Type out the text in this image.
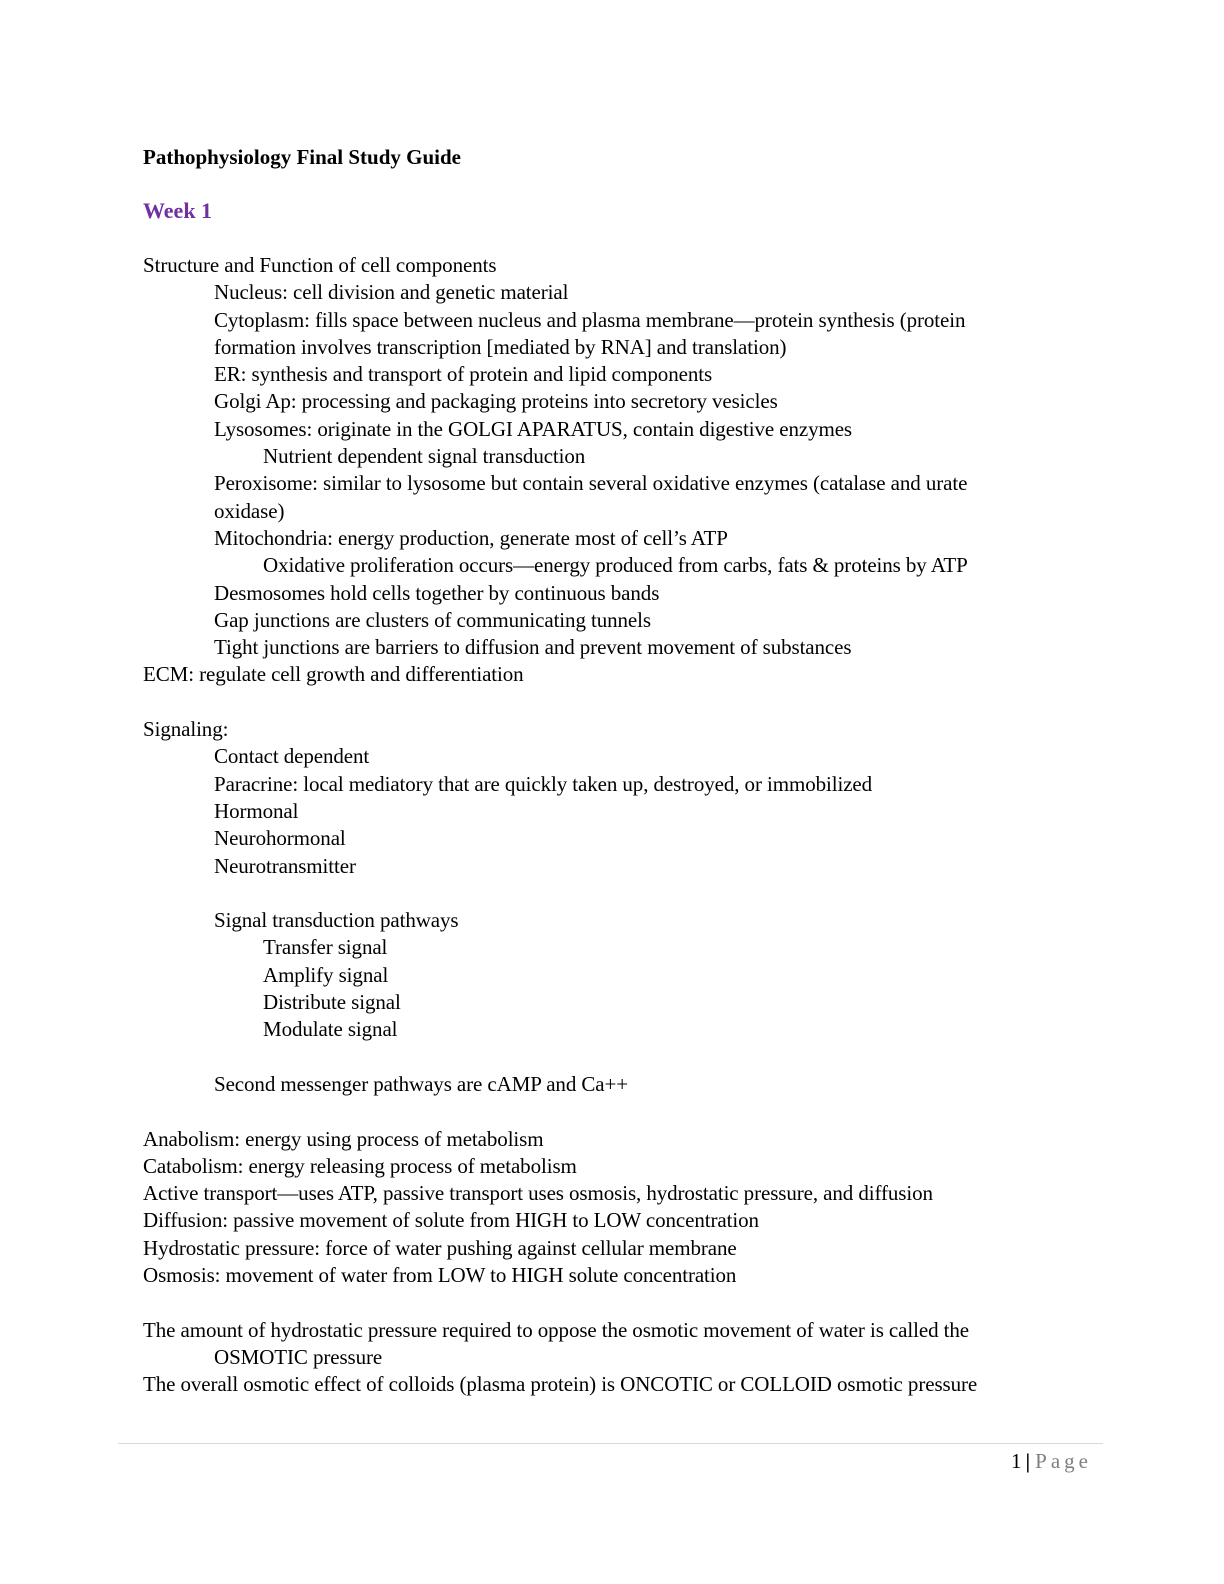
Pathophysiology Final Study Guide
Week 1
Structure and Function of cell components
Nucleus: cell division and genetic material
Cytoplasm: fills space between nucleus and plasma membrane—protein synthesis (protein
formation involves transcription [mediated by RNA] and translation)
ER: synthesis and transport of protein and lipid components
Golgi Ap: processing and packaging proteins into secretory vesicles
Lysosomes: originate in the GOLGI APARATUS, contain digestive enzymes
Nutrient dependent signal transduction
Peroxisome: similar to lysosome but contain several oxidative enzymes (catalase and urate
oxidase)
Mitochondria: energy production, generate most of cell’s ATP
Oxidative proliferation occurs—energy produced from carbs, fats & proteins by ATP
Desmosomes hold cells together by continuous bands
Gap junctions are clusters of communicating tunnels
Tight junctions are barriers to diffusion and prevent movement of substances
ECM: regulate cell growth and differentiation
Signaling:
Contact dependent
Paracrine: local mediatory that are quickly taken up, destroyed, or immobilized
Hormonal
Neurohormonal
Neurotransmitter
Signal transduction pathways
Transfer signal
Amplify signal
Distribute signal
Modulate signal
Second messenger pathways are cAMP and Ca++
Anabolism: energy using process of metabolism
Catabolism: energy releasing process of metabolism
Active transport—uses ATP, passive transport uses osmosis, hydrostatic pressure, and diffusion
Diffusion: passive movement of solute from HIGH to LOW concentration
Hydrostatic pressure: force of water pushing against cellular membrane
Osmosis: movement of water from LOW to HIGH solute concentration
The amount of hydrostatic pressure required to oppose the osmotic movement of water is called the
OSMOTIC pressure
The overall osmotic effect of colloids (plasma protein) is ONCOTIC or COLLOID osmotic pressure
1 | Page
